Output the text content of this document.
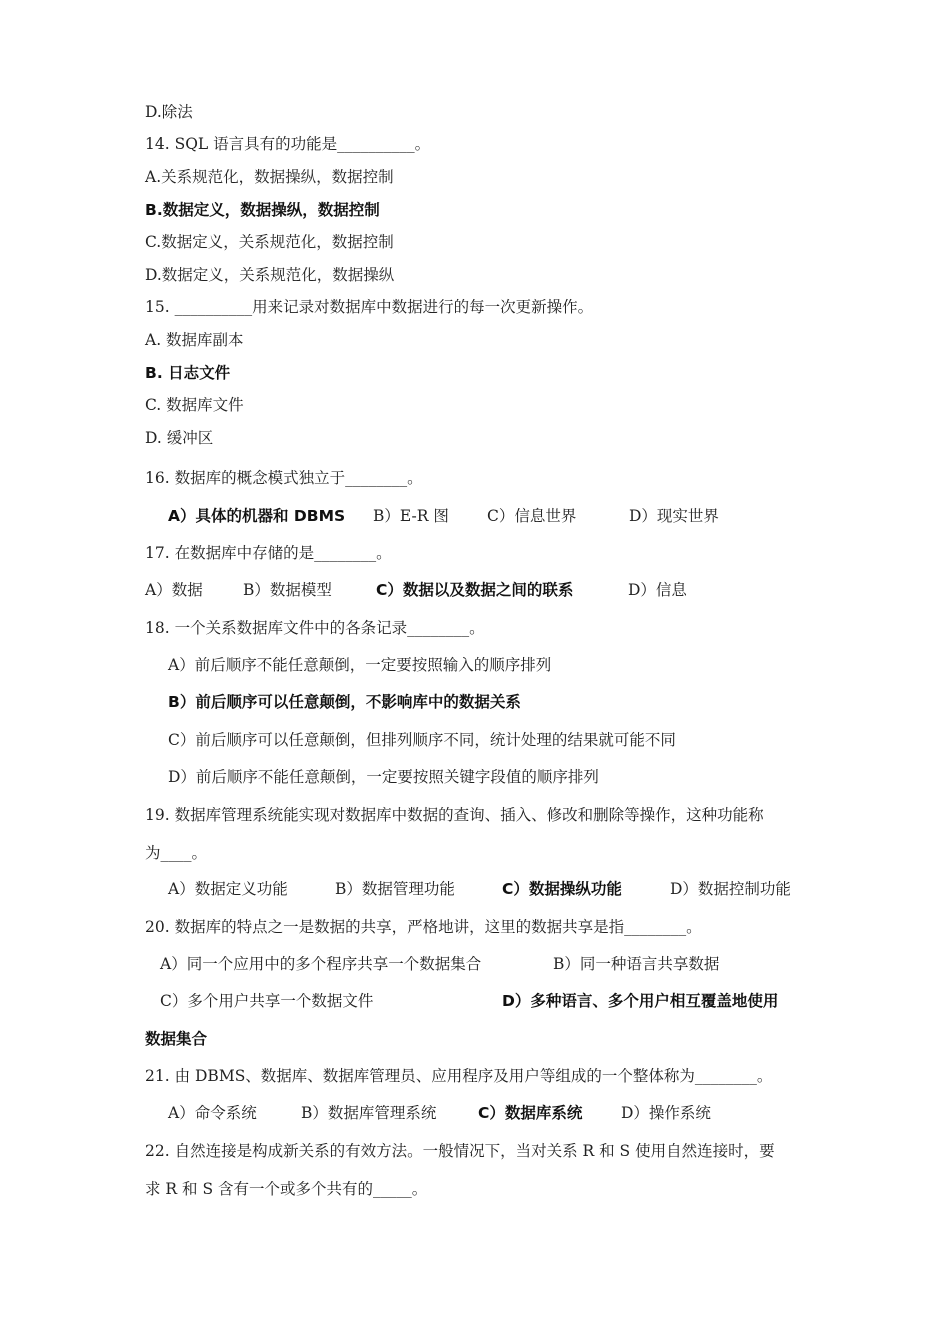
D.除法
14. SQL 语言具有的功能是__________。
A.关系规范化，数据操纵，数据控制
B.数据定义，数据操纵，数据控制
C.数据定义，关系规范化，数据控制
D.数据定义，关系规范化，数据操纵
15. __________用来记录对数据库中数据进行的每一次更新操作。
A. 数据库副本
B. 日志文件
C. 数据库文件
D. 缓冲区
16. 数据库的概念模式独立于________。
A）具体的机器和 DBMS B）E-R 图 C）信息世界	D）现实世界
17. 在数据库中存储的是________。
A）数据	B）数据模型	C）数据以及数据之间的联系	D）信息
18. 一个关系数据库文件中的各条记录________。
A）前后顺序不能任意颠倒，一定要按照输入的顺序排列
B）前后顺序可以任意颠倒，不影响库中的数据关系
C）前后顺序可以任意颠倒，但排列顺序不同，统计处理的结果就可能不同
D）前后顺序不能任意颠倒，一定要按照关键字段值的顺序排列
19. 数据库管理系统能实现对数据库中数据的查询、插入、修改和删除等操作，这种功能称
为____。
A）数据定义功能	B）数据管理功能	C）数据操纵功能	D）数据控制功能
20. 数据库的特点之一是数据的共享，严格地讲，这里的数据共享是指________。
A）同一个应用中的多个程序共享一个数据集合	B）同一种语言共享数据
C）多个用户共享一个数据文件	D）多种语言、多个用户相互覆盖地使用
数据集合
21. 由 DBMS、数据库、数据库管理员、应用程序及用户等组成的一个整体称为________。
A）命令系统	B）数据库管理系统	C）数据库系统 D）操作系统
22. 自然连接是构成新关系的有效方法。一般情况下，当对关系 R 和 S 使用自然连接时，要
求 R 和 S 含有一个或多个共有的_____。
